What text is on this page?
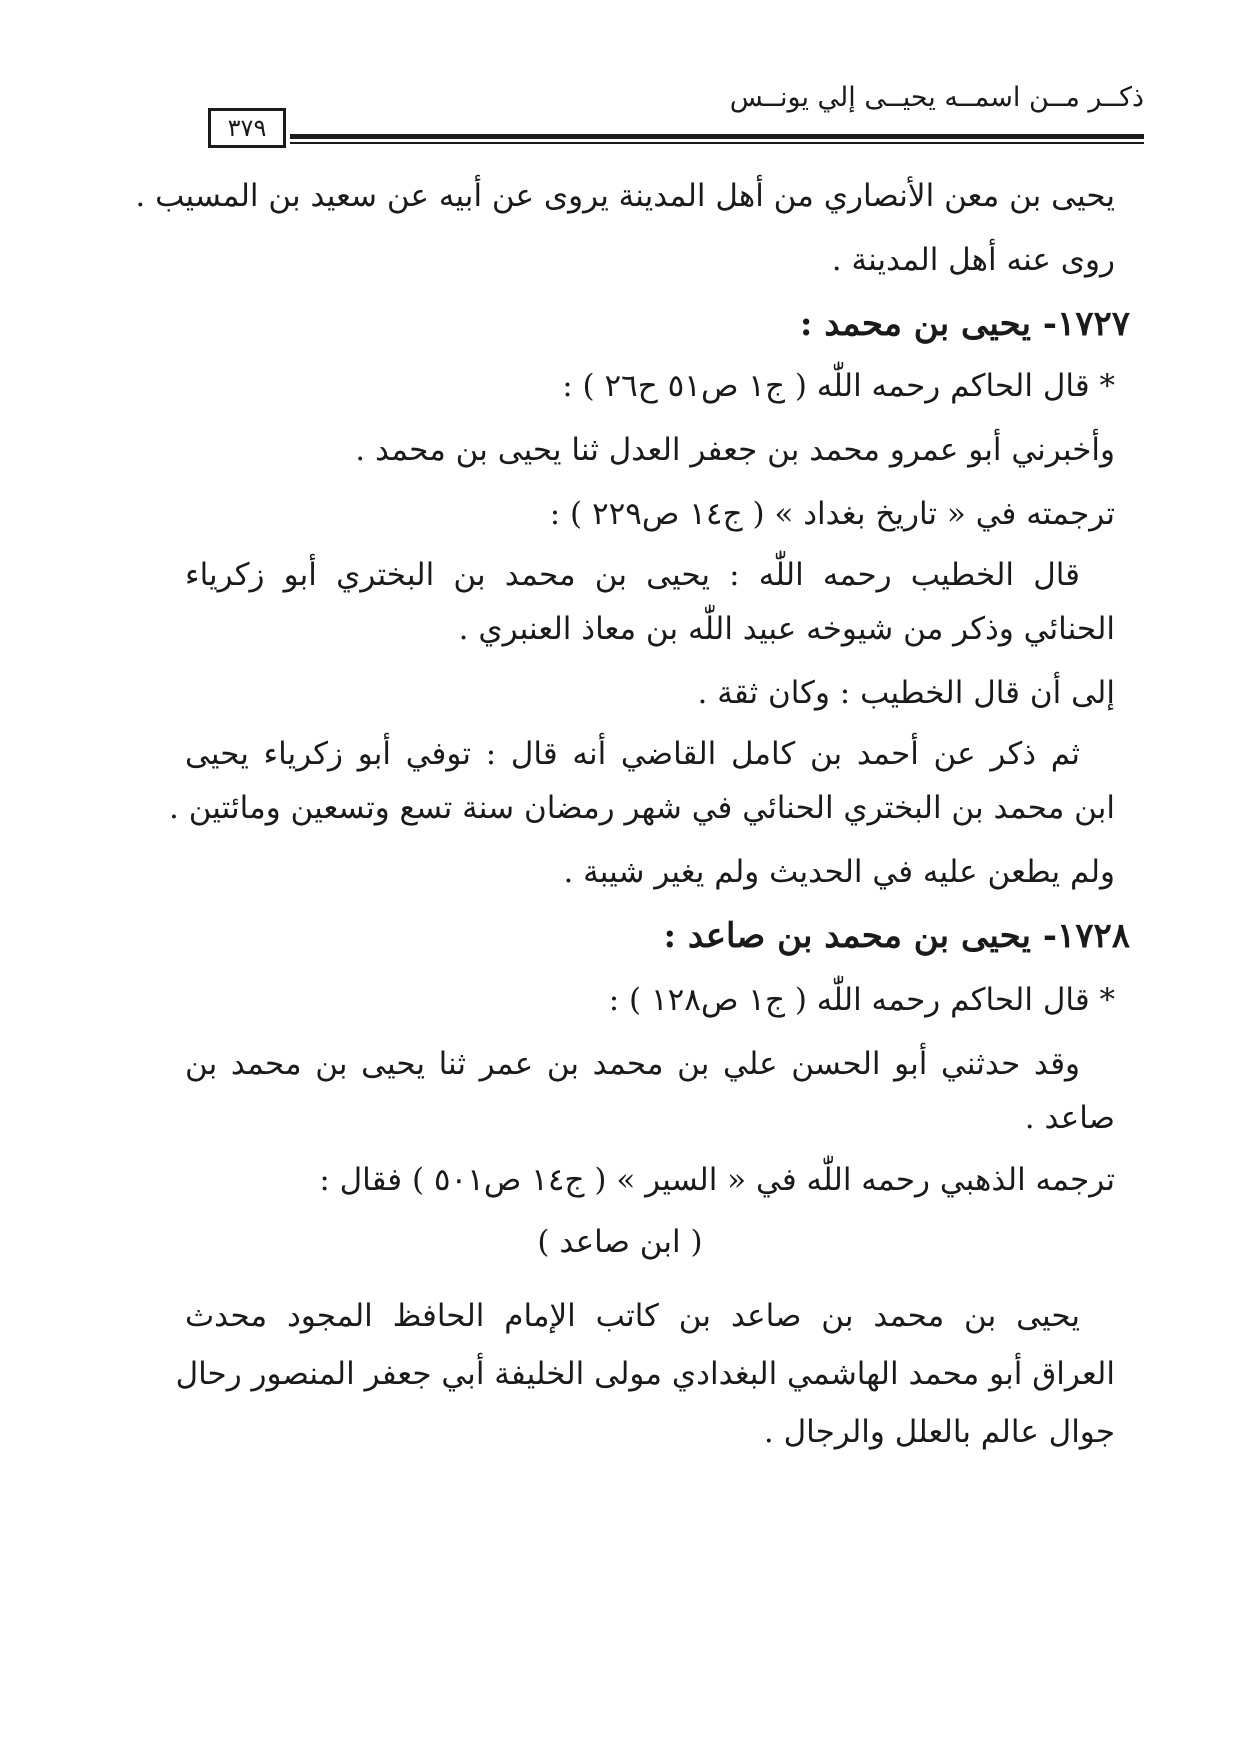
ذكــر مــن اسمــه يحيــى إلي يونــس
٣٧٩
يحيى بن معن الأنصاري من أهل المدينة يروى عن أبيه عن سعيد بن المسيب .
روى عنه أهل المدينة .
١٧٢٧- يحيى بن محمد :
* قال الحاكم رحمه اللّٰه ( ج١ ص٥١ ح٢٦ ) :
وأخبرني أبو عمرو محمد بن جعفر العدل ثنا يحيى بن محمد .
ترجمته في « تاريخ بغداد » ( ج١٤ ص٢٢٩ ) :
قال الخطيب رحمه اللّٰه : يحيى بن محمد بن البختري أبو زكرياء
الحنائي وذكر من شيوخه عبيد اللّٰه بن معاذ العنبري .
إلى أن قال الخطيب : وكان ثقة .
ثم ذكر عن أحمد بن كامل القاضي أنه قال : توفي أبو زكرياء يحيى
ابن محمد بن البختري الحنائي في شهر رمضان سنة تسع وتسعين ومائتين .
ولم يطعن عليه في الحديث ولم يغير شيبة .
١٧٢٨- يحيى بن محمد بن صاعد :
* قال الحاكم رحمه اللّٰه ( ج١ ص١٢٨ ) :
وقد حدثني أبو الحسن علي بن محمد بن عمر ثنا يحيى بن محمد بن
صاعد .
ترجمه الذهبي رحمه اللّٰه في « السير » ( ج١٤ ص٥٠١ ) فقال :
( ابن صاعد )
يحيى بن محمد بن صاعد بن كاتب الإمام الحافظ المجود محدث
العراق أبو محمد الهاشمي البغدادي مولى الخليفة أبي جعفر المنصور رحال
جوال عالم بالعلل والرجال .
